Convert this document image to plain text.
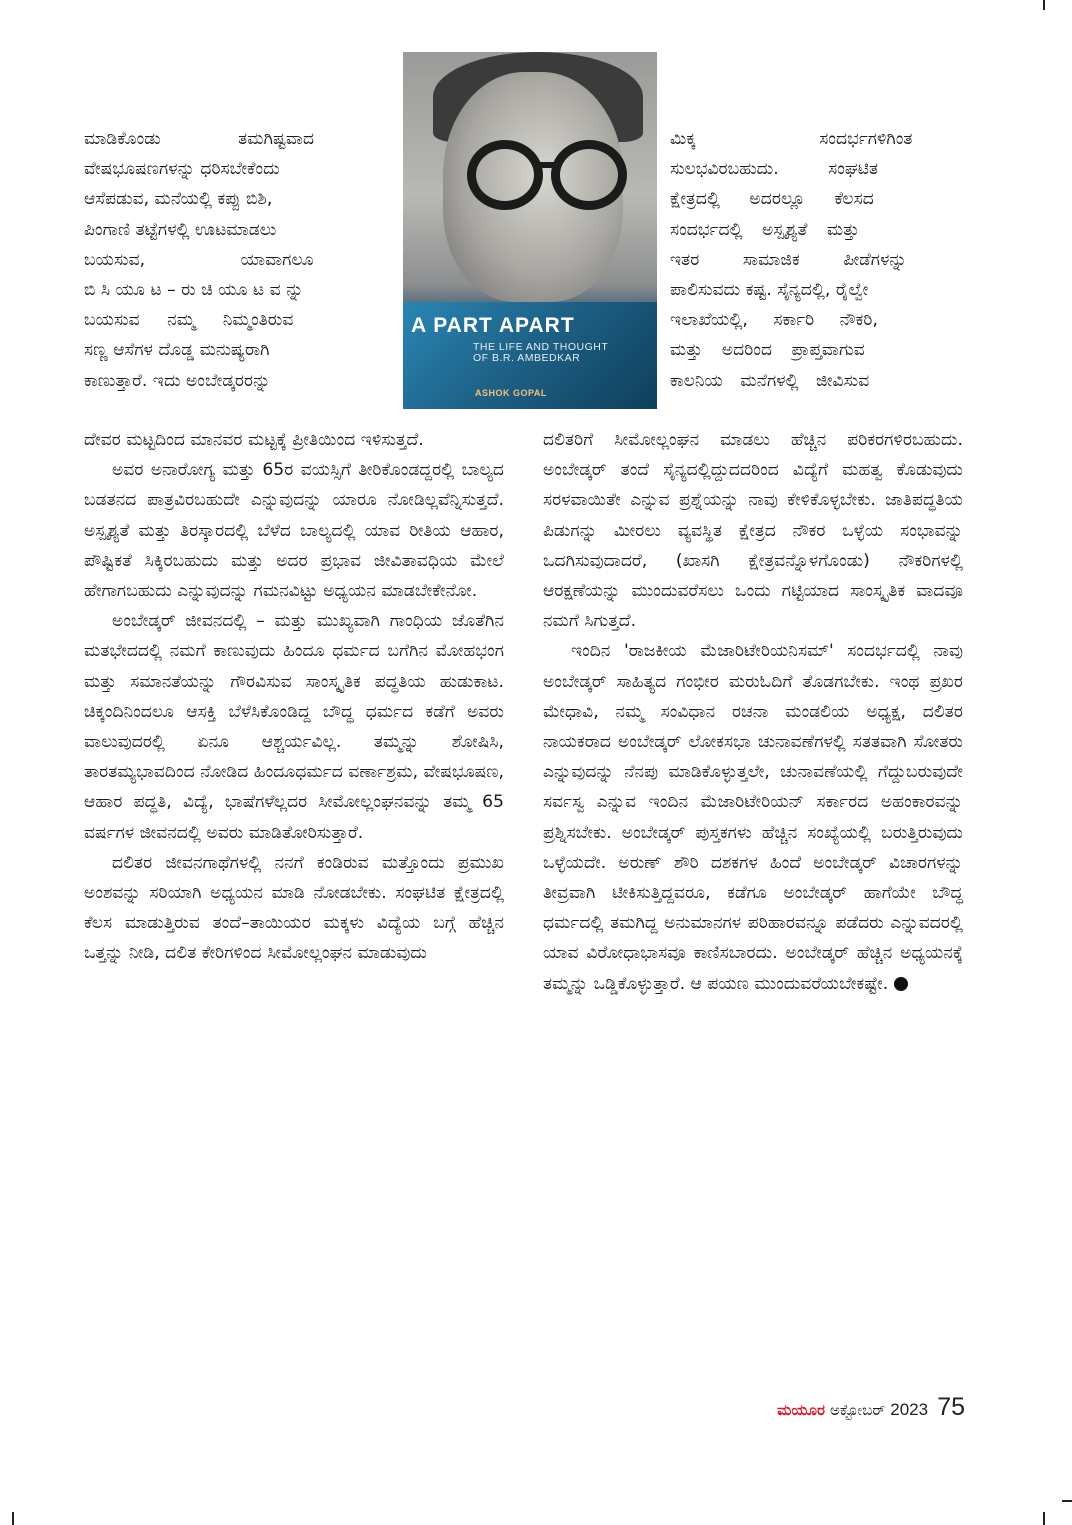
ಮಾಡಿಕೊಂಡು ತಮಗಿಷ್ಟವಾದ
ವೇಷಭೂಷಣಗಳನ್ನು ಧರಿಸಬೇಕೆಂದು
ಆಸೆಪಡುವ, ಮನೆಯಲ್ಲಿ ಕಪ್ಪು ಬಿಶಿ,
ಪಿಂಗಾಣಿ ತಟ್ಟೆಗಳಲ್ಲಿ ಊಟಮಾಡಲು
ಬಯಸುವ, ಯಾವಾಗಲೂ
ಬಿ ಸಿ ಯೂ ಟ – ರು ಚಿ ಯೂ ಟ ವ ನ್ನು
ಬಯಸುವ ನಮ್ಮ ನಿಮ್ಮಂತಿರುವ
ಸಣ್ಣ ಆಸೆಗಳ ದೊಡ್ಡ ಮನುಷ್ಯರಾಗಿ
ಕಾಣುತ್ತಾರೆ. ಇದು ಅಂಬೇಡ್ಕರರನ್ನು

A PART APART
THE LIFE AND THOUGHT OF B.R. AMBEDKAR
ASHOK GOPAL

ಮಿಕ್ಕ ಸಂದರ್ಭಗಳಿಗಿಂತ
ಸುಲಭವಿರಬಹುದು. ಸಂಘಟಿತ
ಕ್ಷೇತ್ರದಲ್ಲಿ ಅದರಲ್ಲೂ ಕೆಲಸದ
ಸಂದರ್ಭದಲ್ಲಿ ಅಸ್ಪೃಶ್ಯತೆ ಮತ್ತು
ಇತರ ಸಾಮಾಜಿಕ ಪೀಡೆಗಳನ್ನು
ಪಾಲಿಸುವದು ಕಷ್ಟ. ಸೈನ್ಯದಲ್ಲಿ, ರೈಲ್ವೇ
ಇಲಾಖೆಯಲ್ಲಿ, ಸರ್ಕಾರಿ ನೌಕರಿ,
ಮತ್ತು ಅದರಿಂದ ಪ್ರಾಪ್ತವಾಗುವ
ಕಾಲನಿಯ ಮನೆಗಳಲ್ಲಿ ಜೀವಿಸುವ

ದೇವರ ಮಟ್ಟದಿಂದ ಮಾನವರ ಮಟ್ಟಕ್ಕೆ ಪ್ರೀತಿಯಿಂದ ಇಳಿಸುತ್ತದೆ.

ಅವರ ಅನಾರೋಗ್ಯ ಮತ್ತು 65ರ ವಯಸ್ಸಿಗೆ ತೀರಿಕೊಂಡದ್ದರಲ್ಲಿ ಬಾಲ್ಯದ ಬಡತನದ ಪಾತ್ರವಿರಬಹುದೇ ಎನ್ನುವುದನ್ನು ಯಾರೂ ನೋಡಿಲ್ಲವೆನ್ನಿಸುತ್ತದೆ. ಅಸ್ಪೃಶ್ಯತೆ ಮತ್ತು ತಿರಸ್ಕಾರದಲ್ಲಿ ಬೆಳೆದ ಬಾಲ್ಯದಲ್ಲಿ ಯಾವ ರೀತಿಯ ಆಹಾರ, ಪೌಷ್ಟಿಕತೆ ಸಿಕ್ಕಿರಬಹುದು ಮತ್ತು ಅದರ ಪ್ರಭಾವ ಜೀವಿತಾವಧಿಯ ಮೇಲೆ ಹೇಗಾಗಬಹುದು ಎನ್ನುವುದನ್ನು ಗಮನವಿಟ್ಟು ಅಧ್ಯಯನ ಮಾಡಬೇಕೇನೋ.

ಅಂಬೇಡ್ಕರ್ ಜೀವನದಲ್ಲಿ – ಮತ್ತು ಮುಖ್ಯವಾಗಿ ಗಾಂಧಿಯ ಜೊತೆಗಿನ ಮತಭೇದದಲ್ಲಿ ನಮಗೆ ಕಾಣುವುದು ಹಿಂದೂ ಧರ್ಮದ ಬಗೆಗಿನ ಮೋಹಭಂಗ ಮತ್ತು ಸಮಾನತೆಯನ್ನು ಗೌರವಿಸುವ ಸಾಂಸ್ಕೃತಿಕ ಪದ್ಧತಿಯ ಹುಡುಕಾಟ. ಚಿಕ್ಕಂದಿನಿಂದಲೂ ಆಸಕ್ತಿ ಬೆಳೆಸಿಕೊಂಡಿದ್ದ ಬೌದ್ಧ ಧರ್ಮದ ಕಡೆಗೆ ಅವರು ವಾಲುವುದರಲ್ಲಿ ಏನೂ ಆಶ್ಚರ್ಯವಿಲ್ಲ. ತಮ್ಮನ್ನು ಶೋಷಿಸಿ, ತಾರತಮ್ಯಭಾವದಿಂದ ನೋಡಿದ ಹಿಂದೂಧರ್ಮದ ವರ್ಣಾಶ್ರಮ, ವೇಷಭೂಷಣ, ಆಹಾರ ಪದ್ಧತಿ, ವಿದ್ಯೆ, ಭಾಷೆಗಳೆಲ್ಲದರ ಸೀಮೋಲ್ಲಂಘನವನ್ನು ತಮ್ಮ 65 ವರ್ಷಗಳ ಜೀವನದಲ್ಲಿ ಅವರು ಮಾಡಿತೋರಿಸುತ್ತಾರೆ.

ದಲಿತರ ಜೀವನಗಾಥೆಗಳಲ್ಲಿ ನನಗೆ ಕಂಡಿರುವ ಮತ್ತೊಂದು ಪ್ರಮುಖ ಅಂಶವನ್ನು ಸರಿಯಾಗಿ ಅಧ್ಯಯನ ಮಾಡಿ ನೋಡಬೇಕು. ಸಂಘಟಿತ ಕ್ಷೇತ್ರದಲ್ಲಿ ಕೆಲಸ ಮಾಡುತ್ತಿರುವ ತಂದೆ–ತಾಯಿಯರ ಮಕ್ಕಳು ವಿದ್ಯೆಯ ಬಗ್ಗೆ ಹೆಚ್ಚಿನ ಒತ್ತನ್ನು ನೀಡಿ, ದಲಿತ ಕೇರಿಗಳಿಂದ ಸೀಮೋಲ್ಲಂಘನ ಮಾಡುವುದು

ದಲಿತರಿಗೆ ಸೀಮೋಲ್ಲಂಘನ ಮಾಡಲು ಹೆಚ್ಚಿನ ಪರಿಕರಗಳಿರಬಹುದು. ಅಂಬೇಡ್ಕರ್ ತಂದೆ ಸೈನ್ಯದಲ್ಲಿದ್ದುದದರಿಂದ ವಿದ್ಯೆಗೆ ಮಹತ್ವ ಕೊಡುವುದು ಸರಳವಾಯಿತೇ ಎನ್ನುವ ಪ್ರಶ್ನೆಯನ್ನು ನಾವು ಕೇಳಿಕೊಳ್ಳಬೇಕು. ಜಾತಿಪದ್ಧತಿಯ ಪಿಡುಗನ್ನು ಮೀರಲು ವ್ಯವಸ್ಥಿತ ಕ್ಷೇತ್ರದ ನೌಕರ ಒಳ್ಳೆಯ ಸಂಭಾವನ್ನು ಒದಗಿಸುವುದಾದರೆ, (ಖಾಸಗಿ ಕ್ಷೇತ್ರವನ್ನೊಳಗೊಂಡು) ನೌಕರಿಗಳಲ್ಲಿ ಆರಕ್ಷಣೆಯನ್ನು ಮುಂದುವರೆಸಲು ಒಂದು ಗಟ್ಟಿಯಾದ ಸಾಂಸ್ಕೃತಿಕ ವಾದವೂ ನಮಗೆ ಸಿಗುತ್ತದೆ.

ಇಂದಿನ 'ರಾಜಕೀಯ ಮೆಜಾರಿಟೇರಿಯನಿಸಮ್' ಸಂದರ್ಭದಲ್ಲಿ ನಾವು ಅಂಬೇಡ್ಕರ್ ಸಾಹಿತ್ಯದ ಗಂಭೀರ ಮರುಓದಿಗೆ ತೊಡಗಬೇಕು. ಇಂಥ ಪ್ರಖರ ಮೇಧಾವಿ, ನಮ್ಮ ಸಂವಿಧಾನ ರಚನಾ ಮಂಡಲಿಯ ಅಧ್ಯಕ್ಷ, ದಲಿತರ ನಾಯಕರಾದ ಅಂಬೇಡ್ಕರ್ ಲೋಕಸಭಾ ಚುನಾವಣೆಗಳಲ್ಲಿ ಸತತವಾಗಿ ಸೋತರು ಎನ್ನುವುದನ್ನು ನೆನಪು ಮಾಡಿಕೊಳ್ಳುತ್ತಲೇ, ಚುನಾವಣೆಯಲ್ಲಿ ಗೆದ್ದುಬರುವುದೇ ಸರ್ವಸ್ವ ಎನ್ನುವ ಇಂದಿನ ಮೆಜಾರಿಟೇರಿಯನ್ ಸರ್ಕಾರದ ಅಹಂಕಾರವನ್ನು ಪ್ರಶ್ನಿಸಬೇಕು. ಅಂಬೇಡ್ಕರ್ ಪುಸ್ತಕಗಳು ಹೆಚ್ಚಿನ ಸಂಖ್ಯೆಯಲ್ಲಿ ಬರುತ್ತಿರುವುದು ಒಳ್ಳೆಯದೇ. ಅರುಣ್ ಶೌರಿ ದಶಕಗಳ ಹಿಂದೆ ಅಂಬೇಡ್ಕರ್ ವಿಚಾರಗಳನ್ನು ತೀವ್ರವಾಗಿ ಟೀಕಿಸುತ್ತಿದ್ದವರೂ, ಕಡೆಗೂ ಅಂಬೇಡ್ಕರ್ ಹಾಗೆಯೇ ಬೌದ್ಧ ಧರ್ಮದಲ್ಲಿ ತಮಗಿದ್ದ ಅನುಮಾನಗಳ ಪರಿಹಾರವನ್ನೂ ಪಡೆದರು ಎನ್ನುವದರಲ್ಲಿ ಯಾವ ವಿರೋಧಾಭಾಸವೂ ಕಾಣಿಸಬಾರದು. ಅಂಬೇಡ್ಕರ್ ಹೆಚ್ಚಿನ ಅಧ್ಯಯನಕ್ಕೆ ತಮ್ಮನ್ನು ಒಡ್ಡಿಕೊಳ್ಳುತ್ತಾರೆ. ಆ ಪಯಣ ಮುಂದುವರೆಯಬೇಕಷ್ಟೇ.

ಮಯೂರ ಅಕ್ಟೋಬರ್ 2023 75
